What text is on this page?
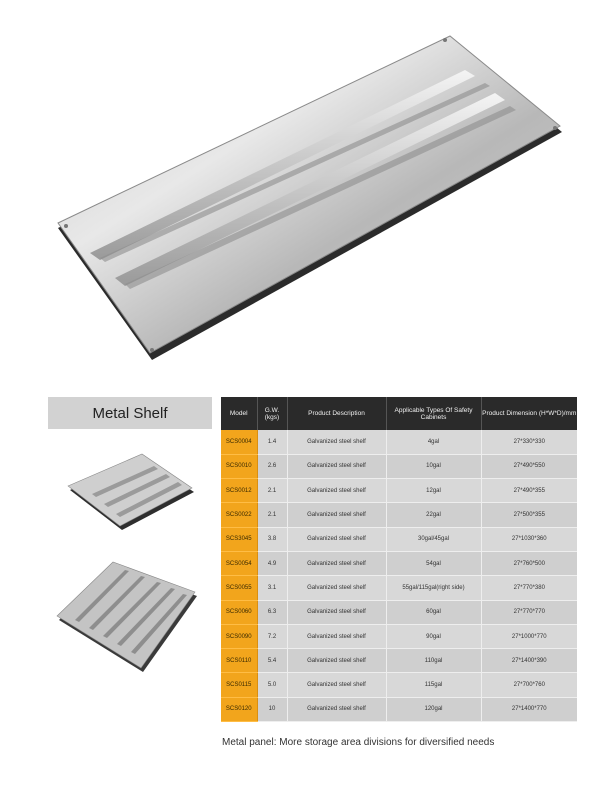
Metal Shelf	Model	G.W.
(kgs)	Product Description	Applicable Types Of Safety Cabinets	Product Dimension (H*W*D)/mm
SCS0004	1.4	Galvanized steel shelf	4gal	27*330*330
SCS0010	2.6	Galvanized steel shelf	10gal	27*490*550
SCS0012	2.1	Galvanized steel shelf	12gal	27*490*355
SCS0022	2.1	Galvanized steel shelf	22gal	27*500*355
SCS3045	3.8	Galvanized steel shelf	30gal/45gal	27*1030*360
SCS0054	4.9	Galvanized steel shelf	54gal	27*760*500
SCS0055	3.1	Galvanized steel shelf	55gal/115gal(right side)	27*770*380
SCS0060	6.3	Galvanized steel shelf	60gal	27*770*770
SCS0090	7.2	Galvanized steel shelf	90gal	27*1000*770
SCS0110	5.4	Galvanized steel shelf	110gal	27*1400*390
SCS0115	5.0	Galvanized steel shelf	115gal	27*700*760
SCS0120	10	Galvanized steel shelf	120gal	27*1400*770
Metal panel: More storage area divisions for diversified needs
